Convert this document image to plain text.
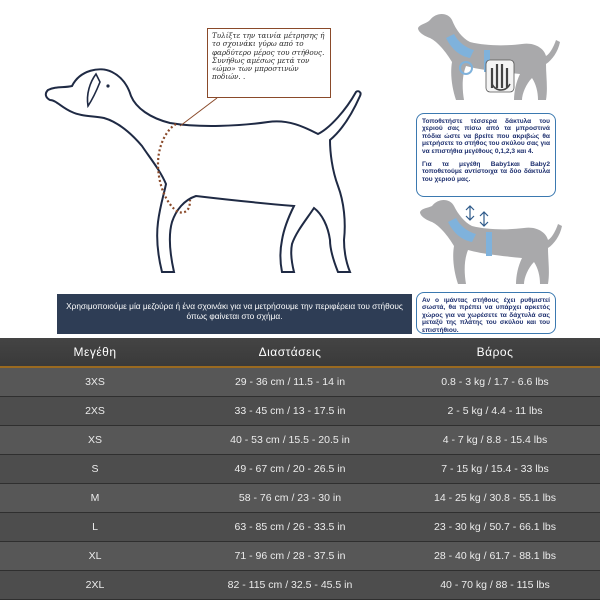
Τυλίξτε την ταινία μέτρησης ή το σχοινάκι γύρω από το φαρδύτερο μέρος του στήθους. Συνήθως αμέσως μετά τον «ώμο» των μπροστινών ποδιών. .
Χρησιμοποιούμε μία μεζούρα ή ένα σχοινάκι για να μετρήσουμε την περιφέρεια του στήθους όπως φαίνεται στο σχήμα.

Τοποθετήστε τέσσερα δάκτυλα του χεριού σας πίσω από τα μπροστινά πόδια ώστε να βρείτε που ακριβώς θα μετρήσετε το στήθος του σκύλου σας για να επιστήθια μεγέθους 0,1,2,3 και 4.

Για τα μεγέθη Baby1και Baby2 τοποθετούμε αντίστοιχα τα δύο δάκτυλα του χεριού μας.

Αν ο ιμάντας στήθους έχει ρυθμιστεί σωστά, θα πρέπει να υπάρχει αρκετός χώρος για να χωρέσετε τα δάχτυλά σας μεταξύ της πλάτης του σκύλου και του επιστήθιου.

Μεγέθη	Διαστάσεις	Βάρος
3XS	29 - 36 cm / 11.5 - 14 in	0.8 - 3 kg / 1.7 - 6.6 lbs
2XS	33 - 45 cm / 13 - 17.5 in	2 - 5 kg / 4.4 - 11 lbs
XS	40 - 53 cm / 15.5 - 20.5 in	4 - 7 kg / 8.8 - 15.4 lbs
S	49 - 67 cm / 20 - 26.5 in	7 - 15 kg / 15.4 - 33 lbs
M	58 - 76 cm / 23 - 30 in	14 - 25 kg / 30.8 - 55.1 lbs
L	63 - 85 cm / 26 - 33.5 in	23 - 30 kg / 50.7 - 66.1 lbs
XL	71 - 96 cm / 28 - 37.5 in	28 - 40 kg / 61.7 - 88.1 lbs
2XL	82 - 115 cm / 32.5 - 45.5 in	40 - 70 kg / 88 - 115 lbs
